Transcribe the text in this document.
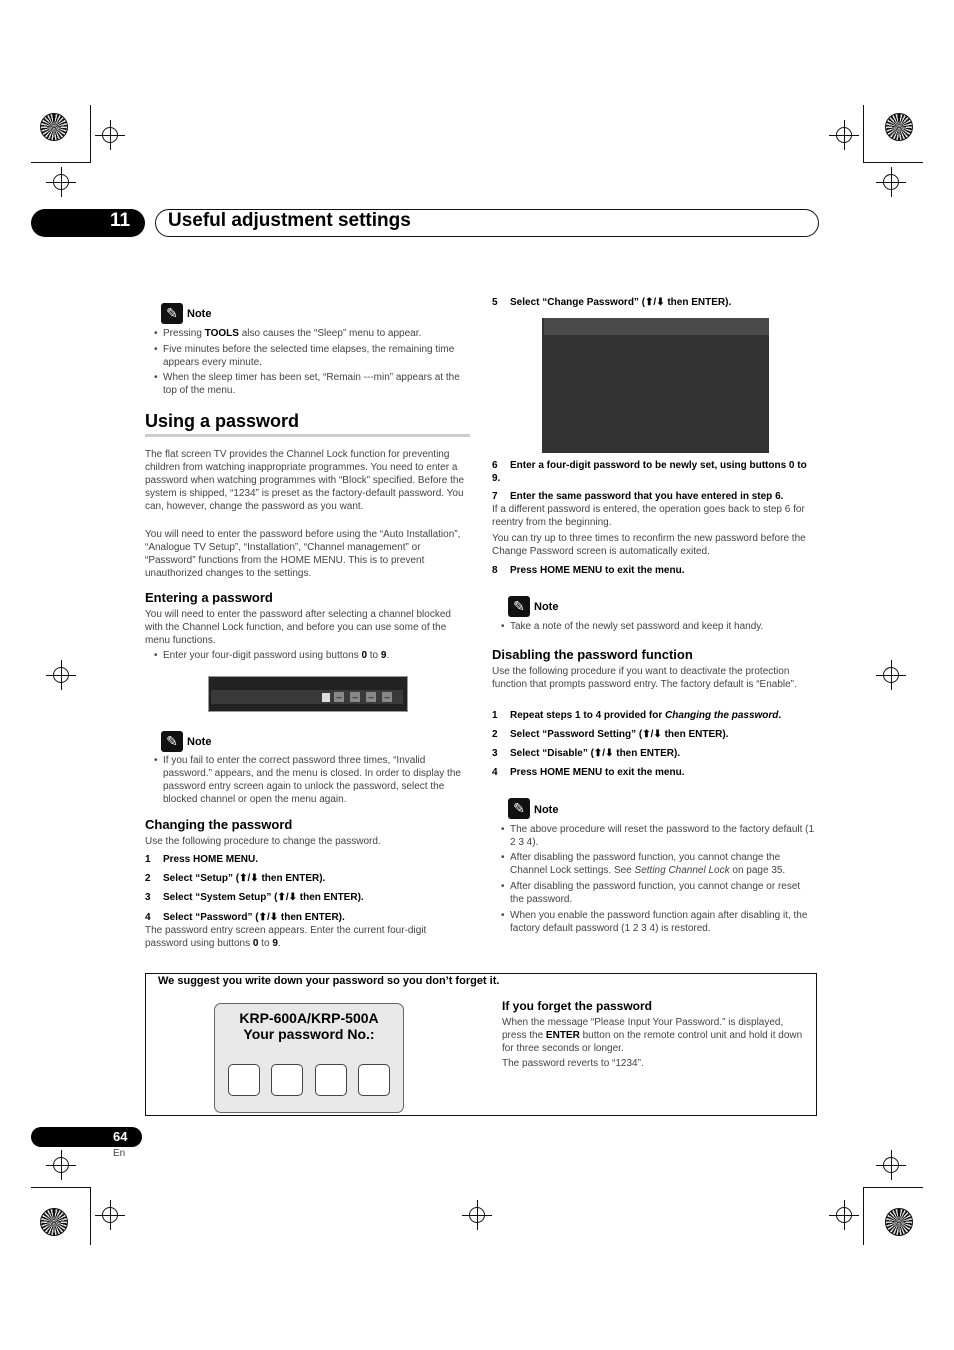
11 Useful adjustment settings
✎ Note
• Pressing TOOLS also causes the “Sleep” menu to appear.
• Five minutes before the selected time elapses, the remaining time appears every minute.
• When the sleep timer has been set, “Remain ---min” appears at the top of the menu.
Using a password
The flat screen TV provides the Channel Lock function for preventing children from watching inappropriate programmes. You need to enter a password when watching programmes with “Block” specified. Before the system is shipped, “1234” is preset as the factory-default password. You can, however, change the password as you want.
You will need to enter the password before using the “Auto Installation”, “Analogue TV Setup”, “Installation”, “Channel management” or “Password” functions from the HOME MENU. This is to prevent unauthorized changes to the settings.
Entering a password
You will need to enter the password after selecting a channel blocked with the Channel Lock function, and before you can use some of the menu functions.
• Enter your four-digit password using buttons 0 to 9.
– – – –
✎ Note
• If you fail to enter the correct password three times, “Invalid password.” appears, and the menu is closed. In order to display the password entry screen again to unlock the password, select the blocked channel or open the menu again.
Changing the password
Use the following procedure to change the password.
1 Press HOME MENU.
2 Select “Setup” (⬆/⬇ then ENTER).
3 Select “System Setup” (⬆/⬇ then ENTER).
4 Select “Password” (⬆/⬇ then ENTER).
The password entry screen appears. Enter the current four-digit password using buttons 0 to 9.
5 Select “Change Password” (⬆/⬇ then ENTER).
6 Enter a four-digit password to be newly set, using buttons 0 to 9.
7 Enter the same password that you have entered in step 6.
If a different password is entered, the operation goes back to step 6 for reentry from the beginning.
You can try up to three times to reconfirm the new password before the Change Password screen is automatically exited.
8 Press HOME MENU to exit the menu.
✎ Note
• Take a note of the newly set password and keep it handy.
Disabling the password function
Use the following procedure if you want to deactivate the protection function that prompts password entry. The factory default is “Enable”.
1 Repeat steps 1 to 4 provided for Changing the password.
2 Select “Password Setting” (⬆/⬇ then ENTER).
3 Select “Disable” (⬆/⬇ then ENTER).
4 Press HOME MENU to exit the menu.
✎ Note
• The above procedure will reset the password to the factory default (1 2 3 4).
• After disabling the password function, you cannot change the Channel Lock settings. See Setting Channel Lock on page 35.
• After disabling the password function, you cannot change or reset the password.
• When you enable the password function again after disabling it, the factory default password (1 2 3 4) is restored.
We suggest you write down your password so you don’t forget it.
KRP-600A/KRP-500A
Your password No.:
If you forget the password
When the message “Please Input Your Password.” is displayed, press the ENTER button on the remote control unit and hold it down for three seconds or longer.
The password reverts to “1234”.
64
En
